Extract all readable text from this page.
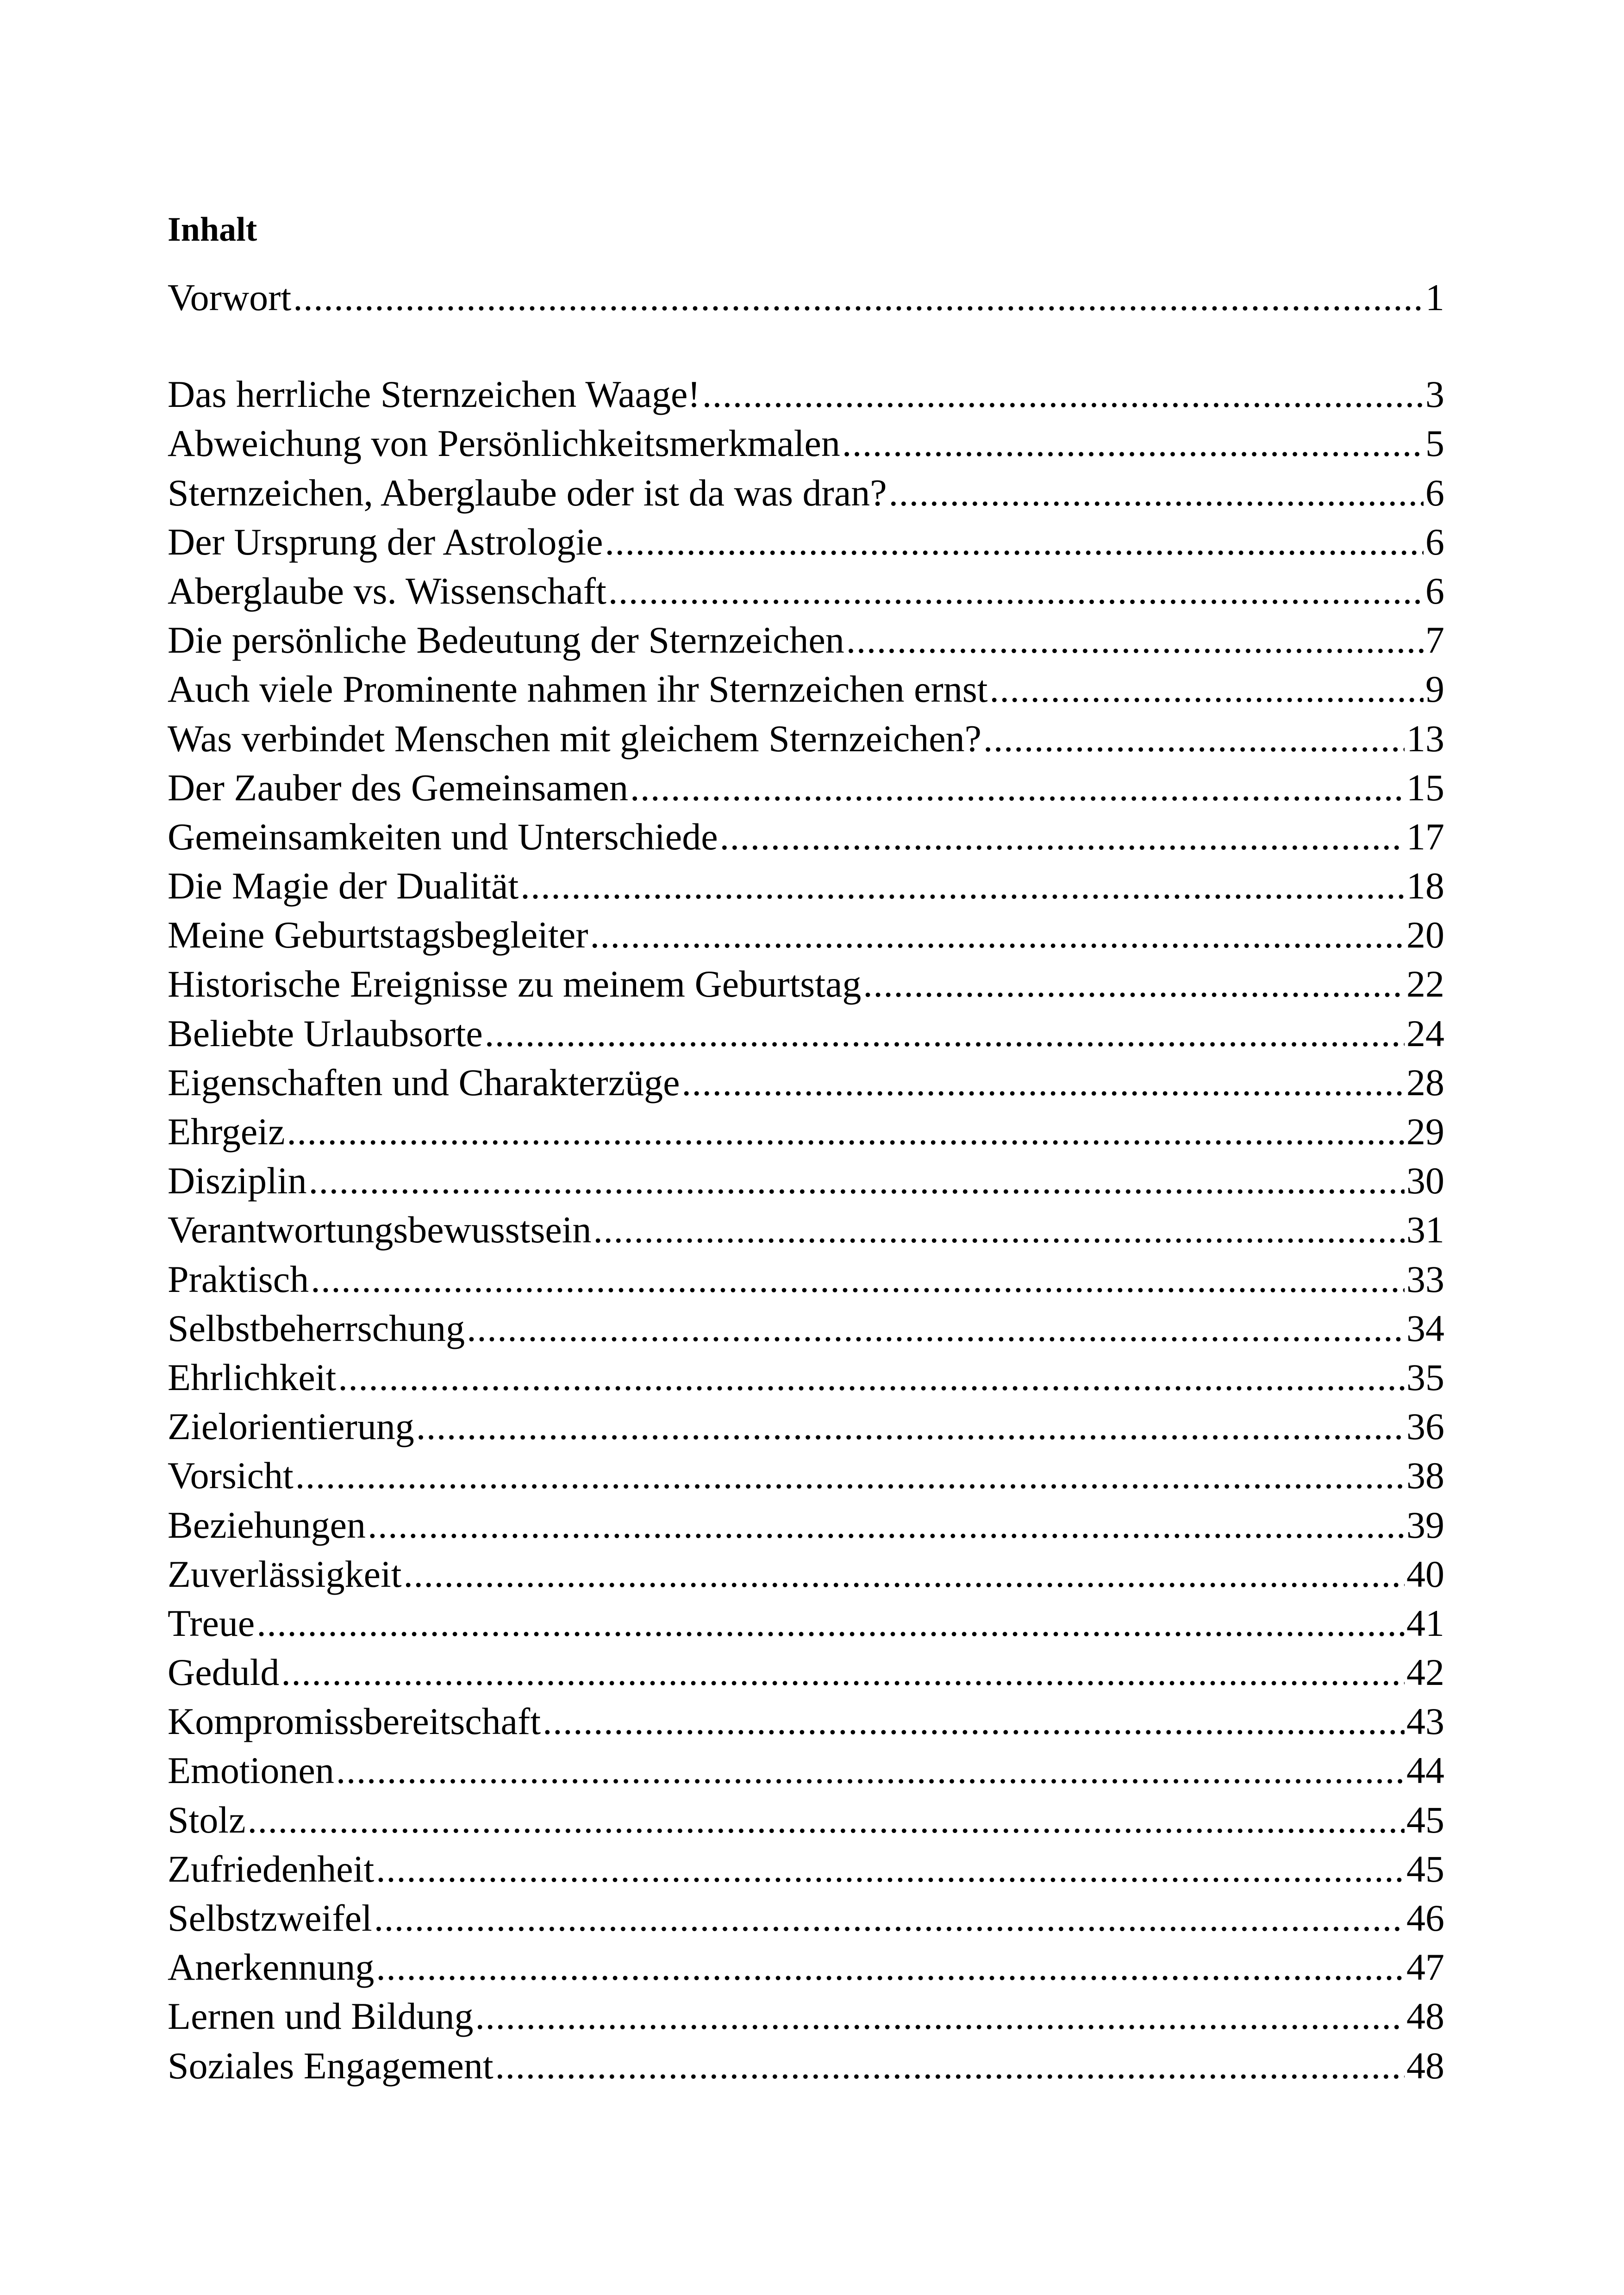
Inhalt
Vorwort .....	1
Das herrliche Sternzeichen Waage! .....	3
Abweichung von Persönlichkeitsmerkmalen .....	5
Sternzeichen, Aberglaube oder ist da was dran? .....	6
Der Ursprung der Astrologie .....	6
Aberglaube vs. Wissenschaft .....	6
Die persönliche Bedeutung der Sternzeichen .....	7
Auch viele Prominente nahmen ihr Sternzeichen ernst .....	9
Was verbindet Menschen mit gleichem Sternzeichen? .....	13
Der Zauber des Gemeinsamen .....	15
Gemeinsamkeiten und Unterschiede .....	17
Die Magie der Dualität .....	18
Meine Geburtstagsbegleiter .....	20
Historische Ereignisse zu meinem Geburtstag .....	22
Beliebte Urlaubsorte .....	24
Eigenschaften und Charakterzüge .....	28
Ehrgeiz .....	29
Disziplin .....	30
Verantwortungsbewusstsein .....	31
Praktisch .....	33
Selbstbeherrschung .....	34
Ehrlichkeit .....	35
Zielorientierung .....	36
Vorsicht .....	38
Beziehungen .....	39
Zuverlässigkeit .....	40
Treue .....	41
Geduld .....	42
Kompromissbereitschaft .....	43
Emotionen .....	44
Stolz .....	45
Zufriedenheit .....	45
Selbstzweifel .....	46
Anerkennung .....	47
Lernen und Bildung .....	48
Soziales Engagement .....	48
